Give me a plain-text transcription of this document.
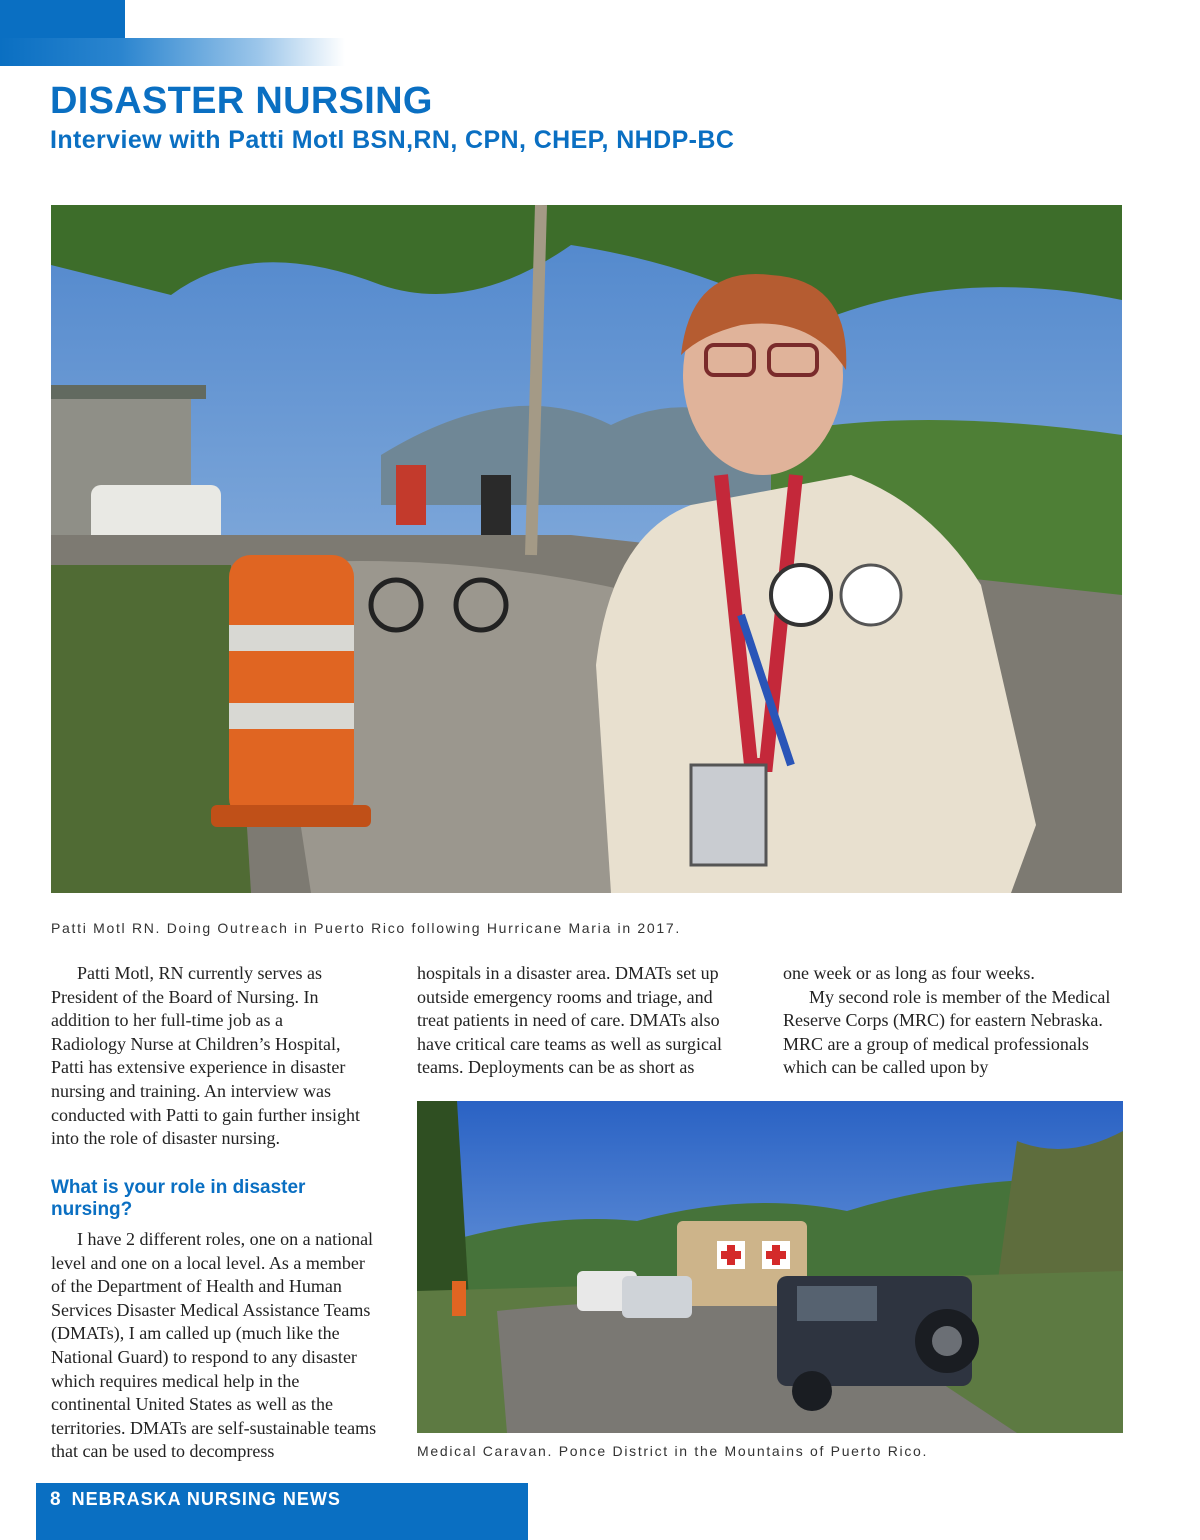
DISASTER NURSING
Interview with Patti Motl BSN,RN, CPN, CHEP, NHDP-BC

Patti Motl RN. Doing Outreach in Puerto Rico following Hurricane Maria in 2017.

Patti Motl, RN currently serves as President of the Board of Nursing. In addition to her full-time job as a Radiology Nurse at Children’s Hospital, Patti has extensive experience in disaster nursing and training. An interview was conducted with Patti to gain further insight into the role of disaster nursing.

What is your role in disaster nursing?

I have 2 different roles, one on a national level and one on a local level. As a member of the Department of Health and Human Services Disaster Medical Assistance Teams (DMATs), I am called up (much like the National Guard) to respond to any disaster which requires medical help in the continental United States as well as the territories. DMATs are self-sustainable teams that can be used to decompress

hospitals in a disaster area. DMATs set up outside emergency rooms and triage, and treat patients in need of care. DMATs also have critical care teams as well as surgical teams. Deployments can be as short as

one week or as long as four weeks.

My second role is member of the Medical Reserve Corps (MRC) for eastern Nebraska. MRC are a group of medical professionals which can be called upon by

Medical Caravan. Ponce District in the Mountains of Puerto Rico.

8 NEBRASKA NURSING NEWS
